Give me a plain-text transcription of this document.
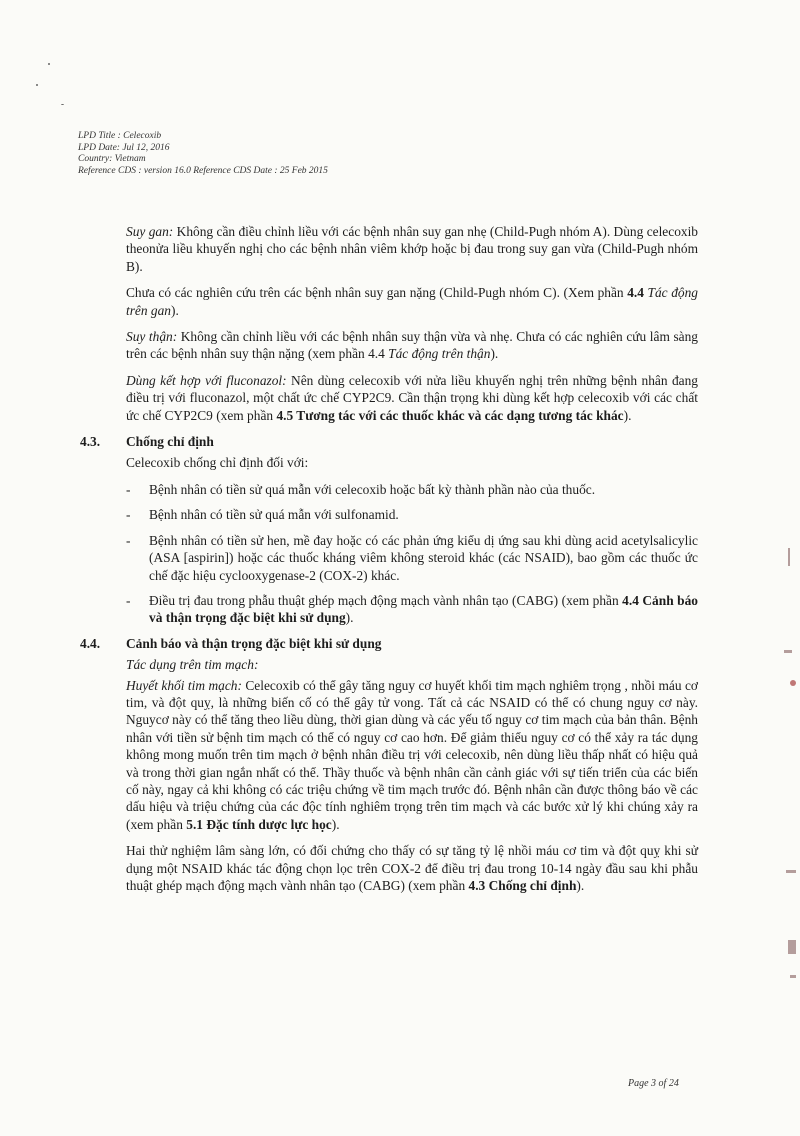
LPD Title : Celecoxib
LPD Date: Jul 12, 2016
Country: Vietnam
Reference CDS : version 16.0 Reference CDS Date : 25 Feb 2015

Suy gan: Không cần điều chỉnh liều với các bệnh nhân suy gan nhẹ (Child-Pugh nhóm A). Dùng celecoxib theonửa liều khuyến nghị cho các bệnh nhân viêm khớp hoặc bị đau trong suy gan vừa (Child-Pugh nhóm B).

Chưa có các nghiên cứu trên các bệnh nhân suy gan nặng (Child-Pugh nhóm C). (Xem phần 4.4 Tác động trên gan).

Suy thận: Không cần chỉnh liều với các bệnh nhân suy thận vừa và nhẹ. Chưa có các nghiên cứu lâm sàng trên các bệnh nhân suy thận nặng (xem phần 4.4 Tác động trên thận).

Dùng kết hợp với fluconazol: Nên dùng celecoxib với nửa liều khuyến nghị trên những bệnh nhân đang điều trị với fluconazol, một chất ức chế CYP2C9. Cần thận trọng khi dùng kết hợp celecoxib với các chất ức chế CYP2C9 (xem phần 4.5 Tương tác với các thuốc khác và các dạng tương tác khác).

4.3.	Chống chỉ định

Celecoxib chống chỉ định đối với:

-	Bệnh nhân có tiền sử quá mẫn với celecoxib hoặc bất kỳ thành phần nào của thuốc.
-	Bệnh nhân có tiền sử quá mẫn với sulfonamid.
-	Bệnh nhân có tiền sử hen, mề đay hoặc có các phản ứng kiểu dị ứng sau khi dùng acid acetylsalicylic (ASA [aspirin]) hoặc các thuốc kháng viêm không steroid khác (các NSAID), bao gồm các thuốc ức chế đặc hiệu cyclooxygenase-2 (COX-2) khác.
-	Điều trị đau trong phẫu thuật ghép mạch động mạch vành nhân tạo (CABG) (xem phần 4.4 Cảnh báo và thận trọng đặc biệt khi sử dụng).
4.4.	Cảnh báo và thận trọng đặc biệt khi sử dụng

Tác dụng trên tim mạch:

Huyết khối tim mạch: Celecoxib có thể gây tăng nguy cơ huyết khối tim mạch nghiêm trọng , nhồi máu cơ tim, và đột quỵ, là những biến cố có thể gây tử vong. Tất cả các NSAID có thể có chung nguy cơ này. Nguycơ này có thể tăng theo liều dùng, thời gian dùng và các yếu tố nguy cơ tim mạch của bản thân. Bệnh nhân với tiền sử bệnh tim mạch có thể có nguy cơ cao hơn. Để giảm thiểu nguy cơ có thể xảy ra tác dụng không mong muốn trên tim mạch ở bệnh nhân điều trị với celecoxib, nên dùng liều thấp nhất có hiệu quả và trong thời gian ngắn nhất có thể. Thầy thuốc và bệnh nhân cần cảnh giác với sự tiến triển của các biến cố này, ngay cả khi không có các triệu chứng về tim mạch trước đó. Bệnh nhân cần được thông báo về các dấu hiệu và triệu chứng của các độc tính nghiêm trọng trên tim mạch và các bước xử lý khi chúng xảy ra (xem phần 5.1 Đặc tính dược lực học).

Hai thử nghiệm lâm sàng lớn, có đối chứng cho thấy có sự tăng tỷ lệ nhồi máu cơ tim và đột quỵ khi sử dụng một NSAID khác tác động chọn lọc trên COX-2 để điều trị đau trong 10-14 ngày đầu sau khi phẫu thuật ghép mạch động mạch vành nhân tạo (CABG) (xem phần 4.3 Chống chỉ định).

Page 3 of 24
